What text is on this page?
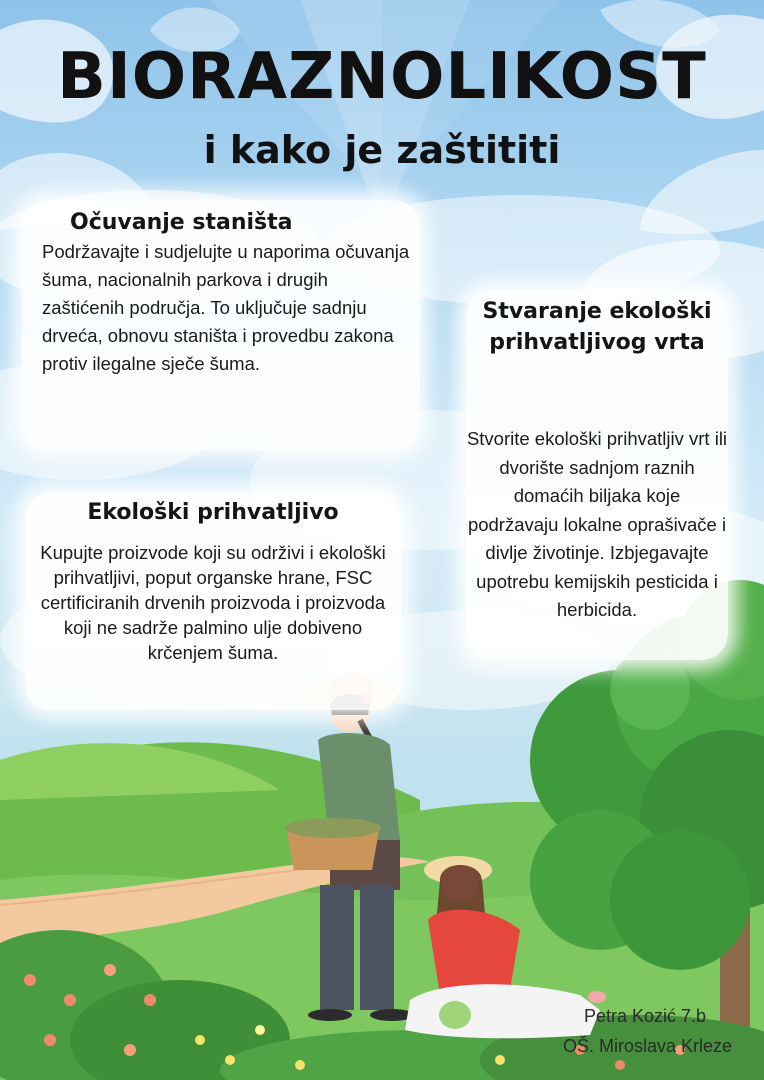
BIORAZNOLIKOST
i kako je zaštititi
Očuvanje staništa

Podržavajte i sudjelujte u naporima očuvanja šuma, nacionalnih parkova i drugih zaštićenih područja. To uključuje sadnju drveća, obnovu staništa i provedbu zakona protiv ilegalne sječe šuma.

Stvaranje ekološki prihvatljivog vrta

Stvorite ekološki prihvatljiv vrt ili dvorište sadnjom raznih domaćih biljaka koje podržavaju lokalne oprašivače i divlje životinje. Izbjegavajte upotrebu kemijskih pesticida i herbicida.

Ekološki prihvatljivo

Kupujte proizvode koji su održivi i ekološki prihvatljivi, poput organske hrane, FSC certificiranih drvenih proizvoda i proizvoda koji ne sadrže palmino ulje dobiveno krčenjem šuma.

Petra Kozić 7.b
OŠ. Miroslava Krleze
